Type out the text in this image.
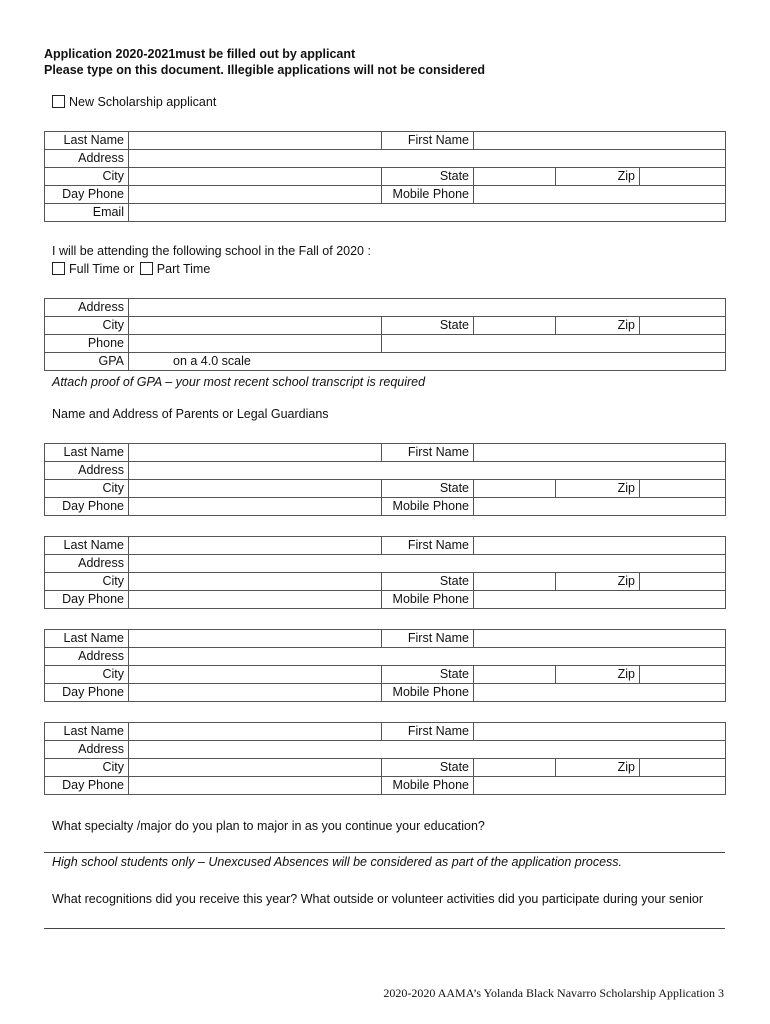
Application 2020-2021must be filled out by applicant
Please type on this document. Illegible applications will not be considered
New Scholarship applicant
Last Name		First Name			
Address					
City		State		Zip	
Day Phone		Mobile Phone			
Email					
I will be attending the following school in the Fall of 2020 :
Full Time or Part Time
Address					
City		State		Zip	
Phone					
GPA	on a 4.0 scale				
Attach proof of GPA – your most recent school transcript is required
Name and Address of Parents or Legal Guardians
Last Name		First Name			
Address					
City		State		Zip	
Day Phone		Mobile Phone			
Last Name		First Name			
Address					
City		State		Zip	
Day Phone		Mobile Phone			
Last Name		First Name			
Address					
City		State		Zip	
Day Phone		Mobile Phone			
Last Name		First Name			
Address					
City		State		Zip	
Day Phone		Mobile Phone			
What specialty /major do you plan to major in as you continue your education?
High school students only – Unexcused Absences will be considered as part of the application process.
What recognitions did you receive this year? What outside or volunteer activities did you participate during your senior
2020-2020 AAMA’s Yolanda Black Navarro Scholarship Application 3
